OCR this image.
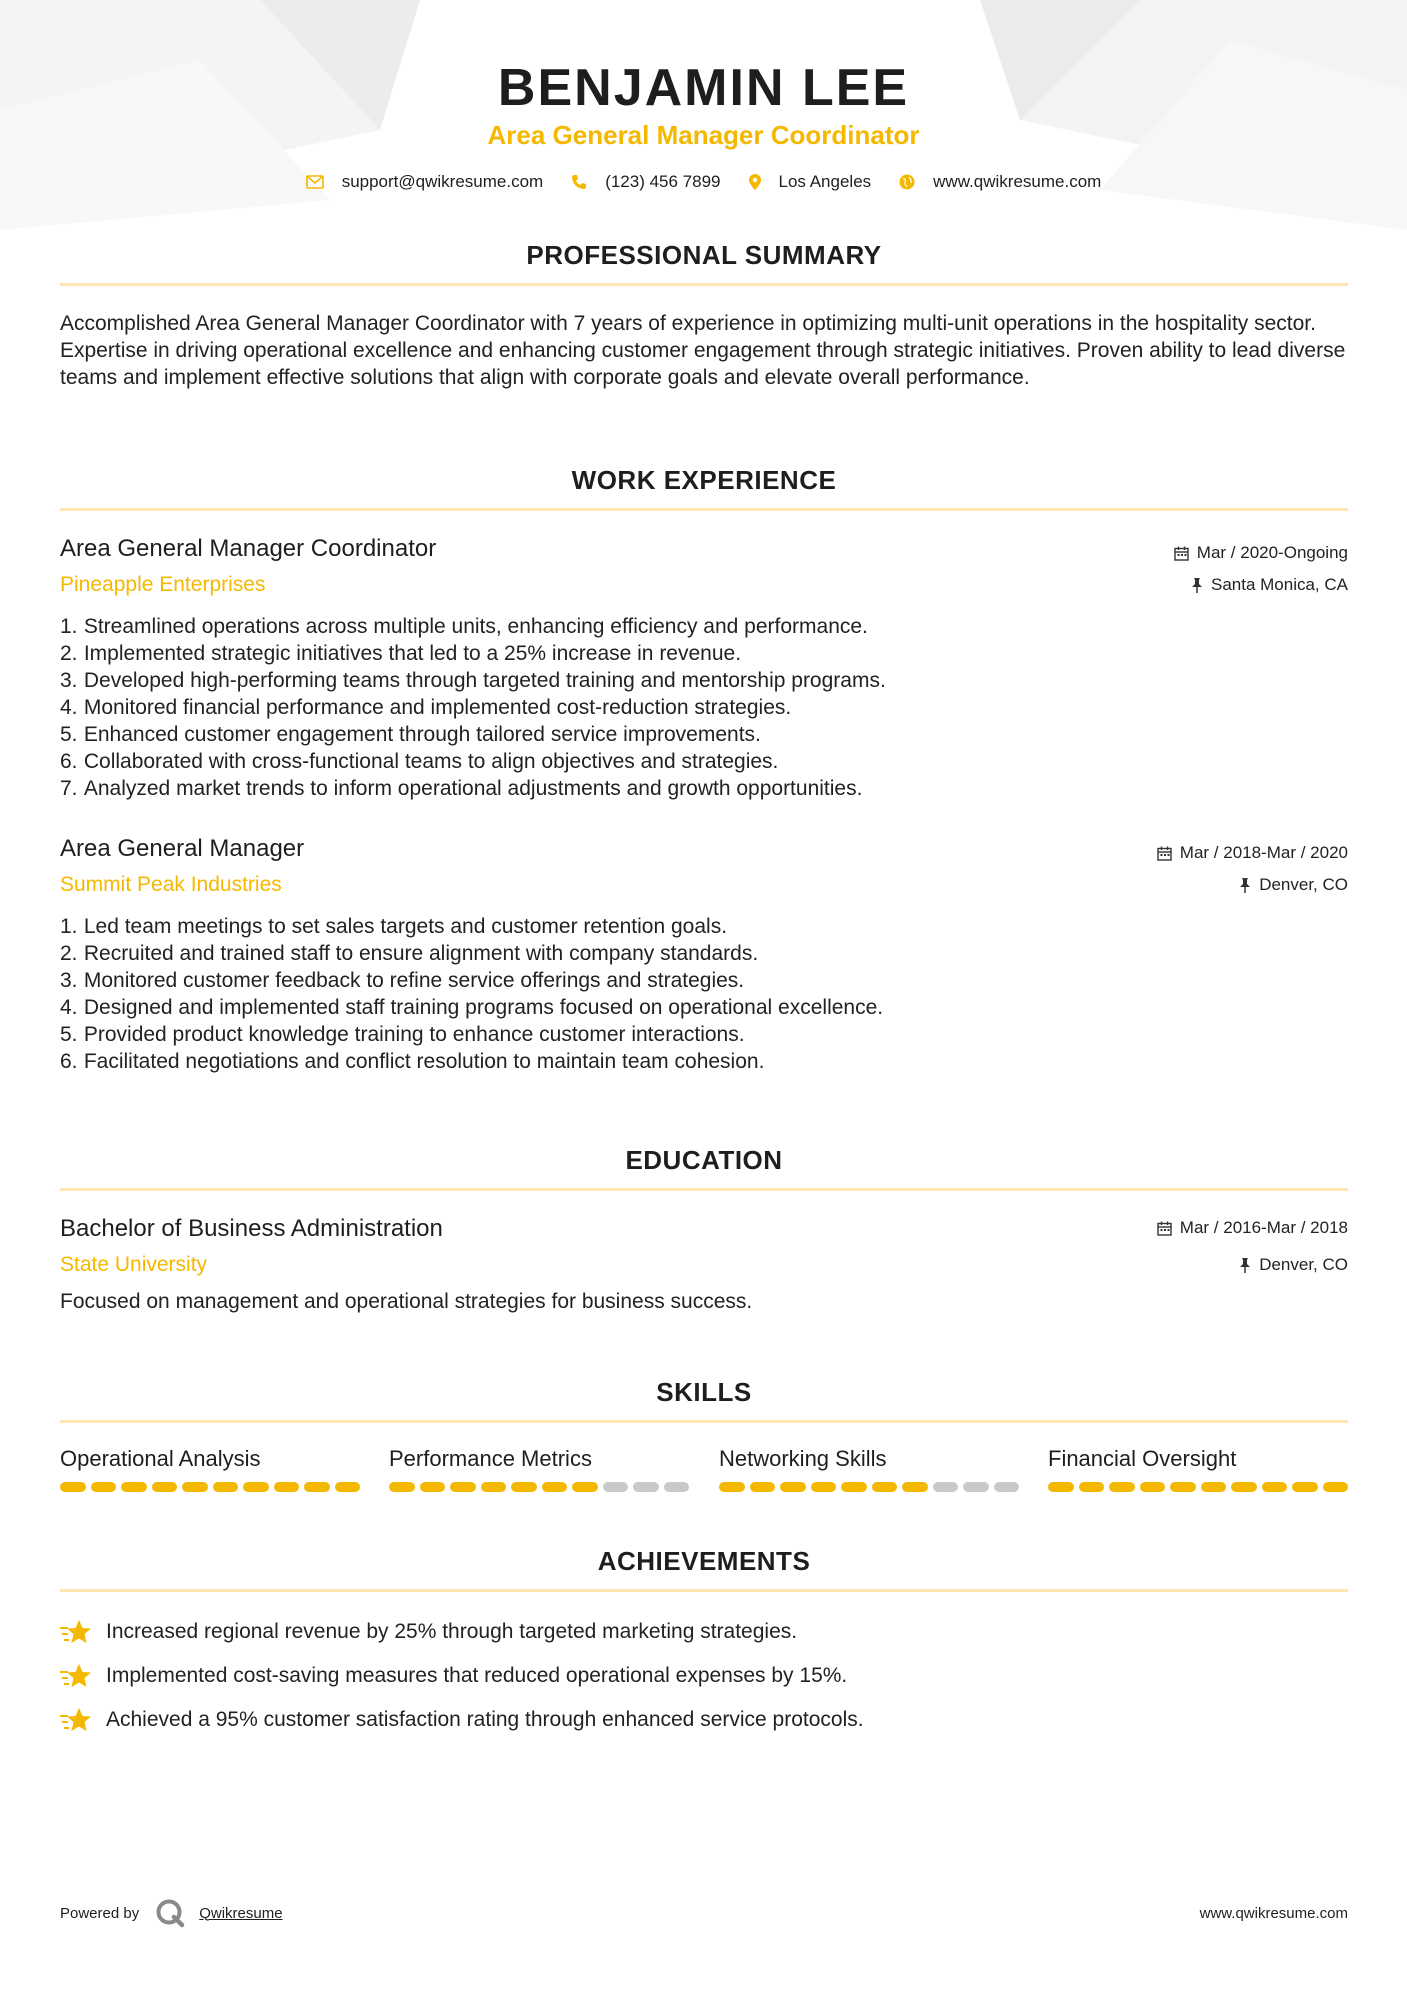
BENJAMIN LEE
Area General Manager Coordinator
support@qwikresume.com	(123) 456 7899	Los Angeles	www.qwikresume.com
PROFESSIONAL SUMMARY
Accomplished Area General Manager Coordinator with 7 years of experience in optimizing multi-unit operations in the hospitality sector. Expertise in driving operational excellence and enhancing customer engagement through strategic initiatives. Proven ability to lead diverse teams and implement effective solutions that align with corporate goals and elevate overall performance.
WORK EXPERIENCE
Area General Manager Coordinator
Pineapple Enterprises
Mar / 2020-Ongoing
Santa Monica, CA
1.
Streamlined operations across multiple units, enhancing efficiency and performance.
2.
Implemented strategic initiatives that led to a 25% increase in revenue.
3.
Developed high-performing teams through targeted training and mentorship programs.
4.
Monitored financial performance and implemented cost-reduction strategies.
5.
Enhanced customer engagement through tailored service improvements.
6.
Collaborated with cross-functional teams to align objectives and strategies.
7.
Analyzed market trends to inform operational adjustments and growth opportunities.
Area General Manager
Summit Peak Industries
Mar / 2018-Mar / 2020
Denver, CO
1.
Led team meetings to set sales targets and customer retention goals.
2.
Recruited and trained staff to ensure alignment with company standards.
3.
Monitored customer feedback to refine service offerings and strategies.
4.
Designed and implemented staff training programs focused on operational excellence.
5.
Provided product knowledge training to enhance customer interactions.
6.
Facilitated negotiations and conflict resolution to maintain team cohesion.
EDUCATION
Bachelor of Business Administration
State University
Mar / 2016-Mar / 2018
Denver, CO
Focused on management and operational strategies for business success.
SKILLS
Operational Analysis	Performance Metrics	Networking Skills	Financial Oversight
ACHIEVEMENTS
Increased regional revenue by 25% through targeted marketing strategies.
Implemented cost-saving measures that reduced operational expenses by 15%.
Achieved a 95% customer satisfaction rating through enhanced service protocols.
Powered by	Qwikresume	www.qwikresume.com
